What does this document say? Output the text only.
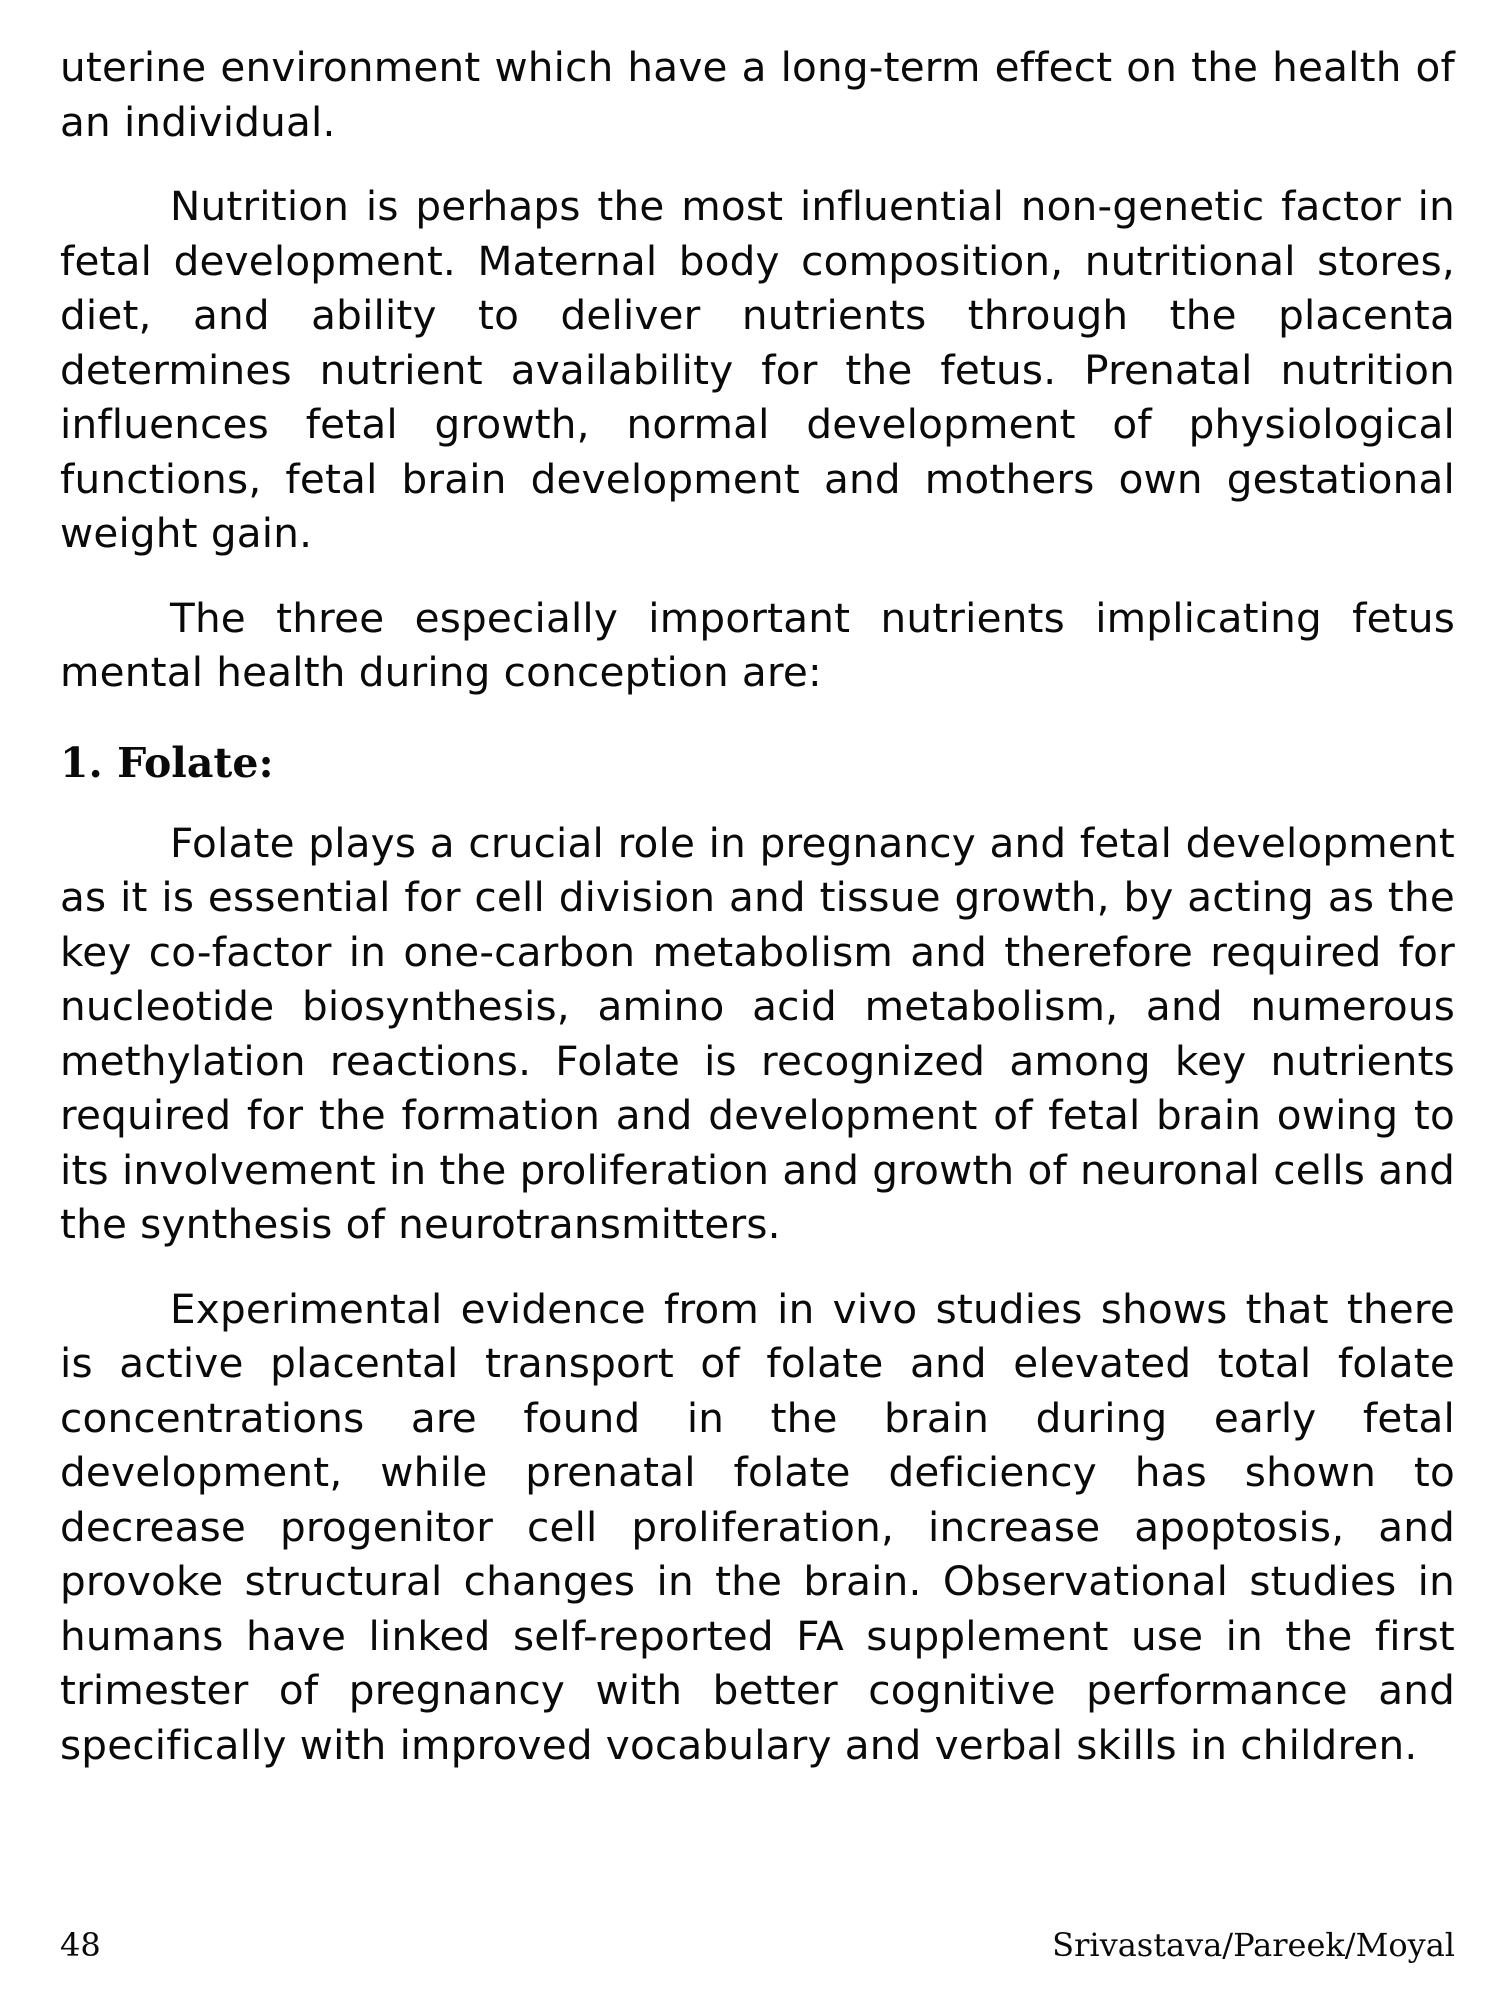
uterine environment which have a long-term effect on the health of an individual.

Nutrition is perhaps the most influential non-genetic factor in fetal development. Maternal body composition, nutritional stores, diet, and ability to deliver nutrients through the placenta determines nutrient availability for the fetus. Prenatal nutrition influences fetal growth, normal development of physiological functions, fetal brain development and mothers own gestational weight gain.

The three especially important nutrients implicating fetus mental health during conception are:

1. Folate:

Folate plays a crucial role in pregnancy and fetal development as it is essential for cell division and tissue growth, by acting as the key co-factor in one-carbon metabolism and therefore required for nucleotide biosynthesis, amino acid metabolism, and numerous methylation reactions. Folate is recognized among key nutrients required for the formation and development of fetal brain owing to its involvement in the proliferation and growth of neuronal cells and the synthesis of neurotransmitters.

Experimental evidence from in vivo studies shows that there is active placental transport of folate and elevated total folate concentrations are found in the brain during early fetal development, while prenatal folate deficiency has shown to decrease progenitor cell proliferation, increase apoptosis, and provoke structural changes in the brain. Observational studies in humans have linked self-reported FA supplement use in the first trimester of pregnancy with better cognitive performance and specifically with improved vocabulary and verbal skills in children.

48	Srivastava/Pareek/Moyal
